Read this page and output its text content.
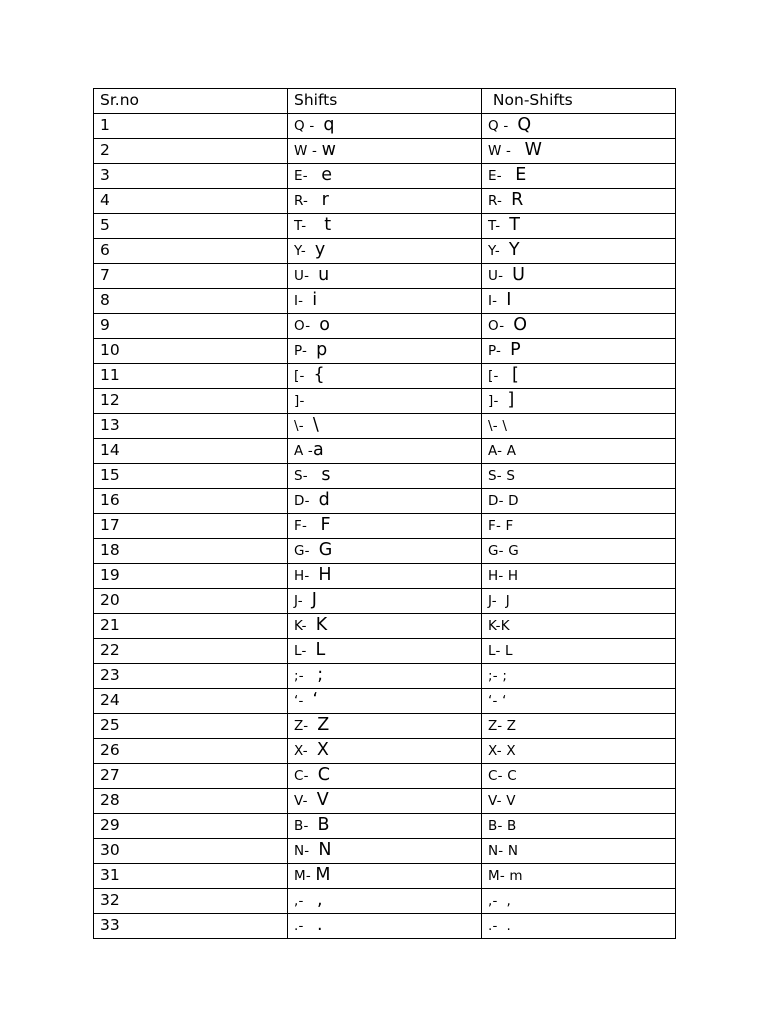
Sr.no	Shifts	Non-Shifts
1	Q -  q	Q -  Q
2	W - w	W -   W
3	E-   e	E-   E
4	R-   r	R-  R
5	T-    t	T-  T
6	Y-  y	Y-  Y
7	U-  u	U-  U
8	I-  i	I-  I
9	O-  o	O-  O
10	P-  p	P-  P
11	[-  {	[-   [
12	]-	]-  ]
13	\-  \	\- \
14	A -a	A- A
15	S-   s	S- S
16	D-  d	D- D
17	F-   F	F- F
18	G-  G	G- G
19	H-  H	H- H
20	J-  J	J-  J
21	K-  K	K-K
22	L-  L	L- L
23	;-   ;	;- ;
24	‘-  ‘	‘- ‘
25	Z-  Z	Z- Z
26	X-  X	X- X
27	C-  C	C- C
28	V-  V	V- V
29	B-  B	B- B
30	N-  N	N- N
31	M- M	M- m
32	,-   ,	,-  ,
33	.-   .	.-  .
